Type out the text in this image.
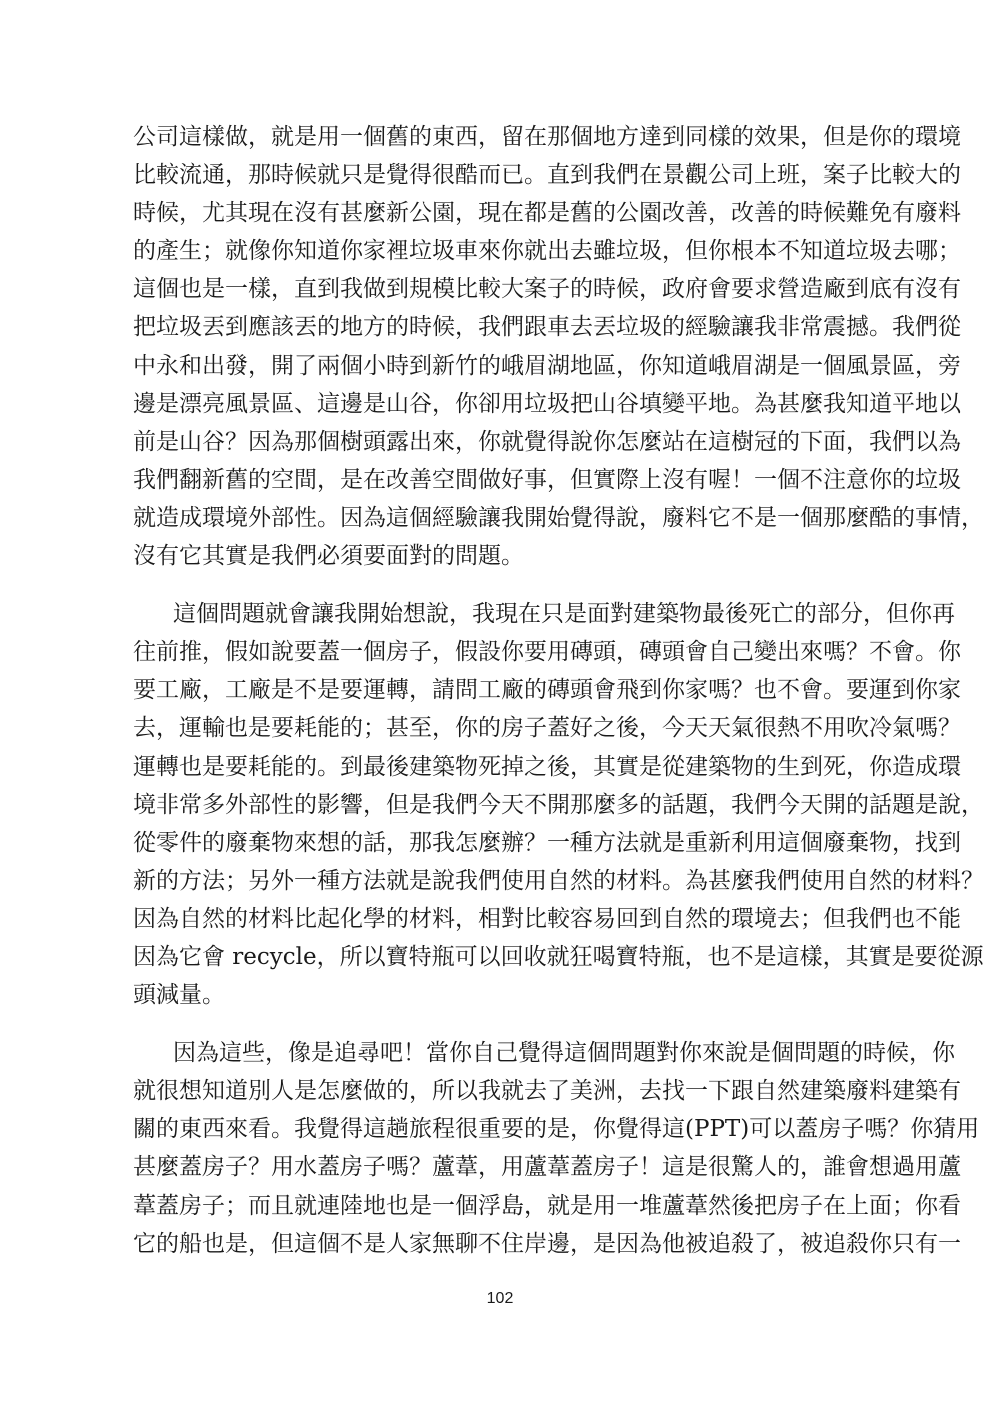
公司這樣做，就是用一個舊的東西，留在那個地方達到同樣的效果，但是你的環境
比較流通，那時候就只是覺得很酷而已。直到我們在景觀公司上班，案子比較大的
時候，尤其現在沒有甚麼新公園，現在都是舊的公園改善，改善的時候難免有廢料
的產生；就像你知道你家裡垃圾車來你就出去雖垃圾，但你根本不知道垃圾去哪；
這個也是一樣，直到我做到規模比較大案子的時候，政府會要求營造廠到底有沒有
把垃圾丟到應該丟的地方的時候，我們跟車去丟垃圾的經驗讓我非常震撼。我們從
中永和出發，開了兩個小時到新竹的峨眉湖地區，你知道峨眉湖是一個風景區，旁
邊是漂亮風景區、這邊是山谷，你卻用垃圾把山谷填變平地。為甚麼我知道平地以
前是山谷？因為那個樹頭露出來，你就覺得說你怎麼站在這樹冠的下面，我們以為
我們翻新舊的空間，是在改善空間做好事，但實際上沒有喔！一個不注意你的垃圾
就造成環境外部性。因為這個經驗讓我開始覺得說，廢料它不是一個那麼酷的事情，
沒有它其實是我們必須要面對的問題。

這個問題就會讓我開始想說，我現在只是面對建築物最後死亡的部分，但你再
往前推，假如說要蓋一個房子，假設你要用磚頭，磚頭會自己變出來嗎？不會。你
要工廠，工廠是不是要運轉，請問工廠的磚頭會飛到你家嗎？也不會。要運到你家
去，運輸也是要耗能的；甚至，你的房子蓋好之後，今天天氣很熱不用吹冷氣嗎？
運轉也是要耗能的。到最後建築物死掉之後，其實是從建築物的生到死，你造成環
境非常多外部性的影響，但是我們今天不開那麼多的話題，我們今天開的話題是說，
從零件的廢棄物來想的話，那我怎麼辦？一種方法就是重新利用這個廢棄物，找到
新的方法；另外一種方法就是說我們使用自然的材料。為甚麼我們使用自然的材料？
因為自然的材料比起化學的材料，相對比較容易回到自然的環境去；但我們也不能
因為它會 recycle，所以寶特瓶可以回收就狂喝寶特瓶，也不是這樣，其實是要從源
頭減量。

因為這些，像是追尋吧！當你自己覺得這個問題對你來說是個問題的時候，你
就很想知道別人是怎麼做的，所以我就去了美洲，去找一下跟自然建築廢料建築有
關的東西來看。我覺得這趟旅程很重要的是，你覺得這(PPT)可以蓋房子嗎？你猜用
甚麼蓋房子？用水蓋房子嗎？蘆葦，用蘆葦蓋房子！這是很驚人的，誰會想過用蘆
葦蓋房子；而且就連陸地也是一個浮島，就是用一堆蘆葦然後把房子在上面；你看
它的船也是，但這個不是人家無聊不住岸邊，是因為他被追殺了，被追殺你只有一

102
